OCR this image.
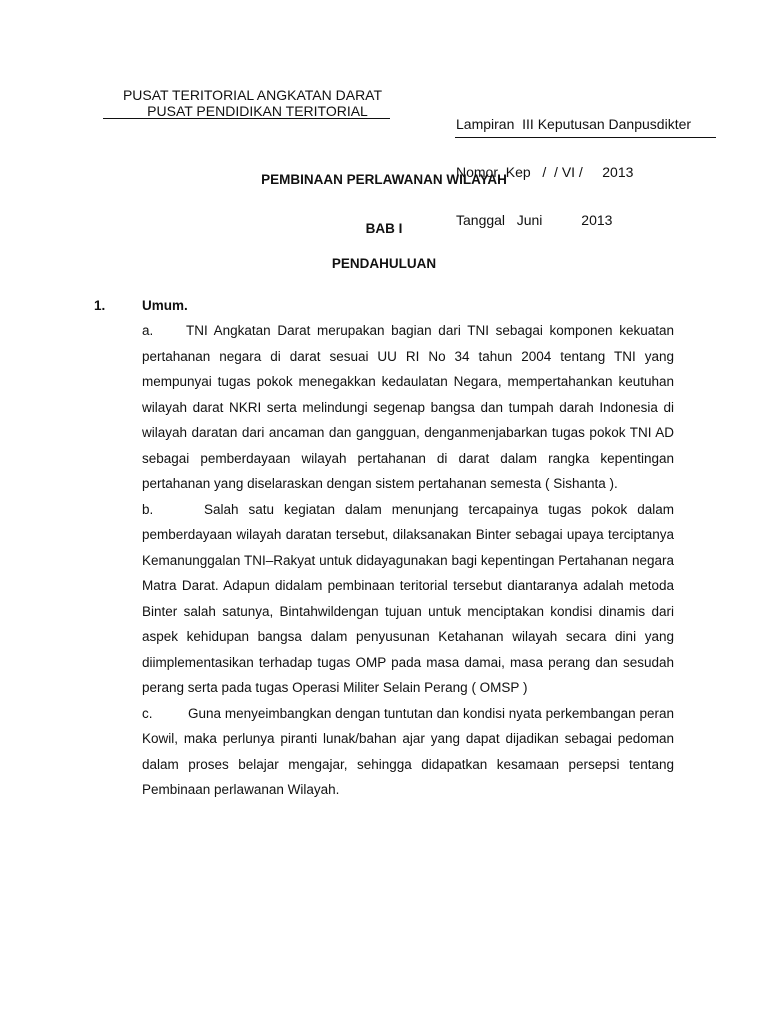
PUSAT TERITORIAL ANGKATAN DARAT
PUSAT PENDIDIKAN TERITORIAL

Lampiran  III Keputusan Danpusdikter

Nomor  Kep   /  / VI /     2013

Tanggal   Juni          2013

PEMBINAAN PERLAWANAN WILAYAH
BAB I
PENDAHULUAN
1.	Umum.
a. TNI Angkatan Darat merupakan bagian dari TNI sebagai komponen kekuatan pertahanan negara di darat sesuai UU RI No 34 tahun 2004 tentang TNI yang mempunyai tugas pokok menegakkan kedaulatan Negara, mempertahankan keutuhan wilayah darat NKRI serta melindungi segenap bangsa dan tumpah darah Indonesia di wilayah daratan dari ancaman dan gangguan, denganmenjabarkan tugas pokok TNI AD sebagai pemberdayaan wilayah pertahanan di darat dalam rangka kepentingan pertahanan yang diselaraskan dengan sistem pertahanan semesta ( Sishanta ).
b.	Salah satu kegiatan dalam menunjang tercapainya tugas pokok dalam pemberdayaan wilayah daratan tersebut, dilaksanakan Binter sebagai upaya terciptanya Kemanunggalan TNI–Rakyat untuk didayagunakan bagi kepentingan Pertahanan negara Matra Darat. Adapun didalam pembinaan teritorial tersebut diantaranya adalah metoda Binter salah satunya, Bintahwildengan tujuan untuk menciptakan kondisi dinamis dari aspek kehidupan bangsa dalam penyusunan Ketahanan wilayah secara dini yang diimplementasikan terhadap tugas OMP pada masa damai, masa perang dan sesudah perang serta pada tugas Operasi Militer Selain Perang ( OMSP )
c.	Guna menyeimbangkan dengan tuntutan dan kondisi nyata perkembangan peran Kowil, maka perlunya piranti lunak/bahan ajar yang dapat dijadikan sebagai pedoman dalam proses belajar mengajar, sehingga didapatkan kesamaan persepsi tentang Pembinaan perlawanan Wilayah.
